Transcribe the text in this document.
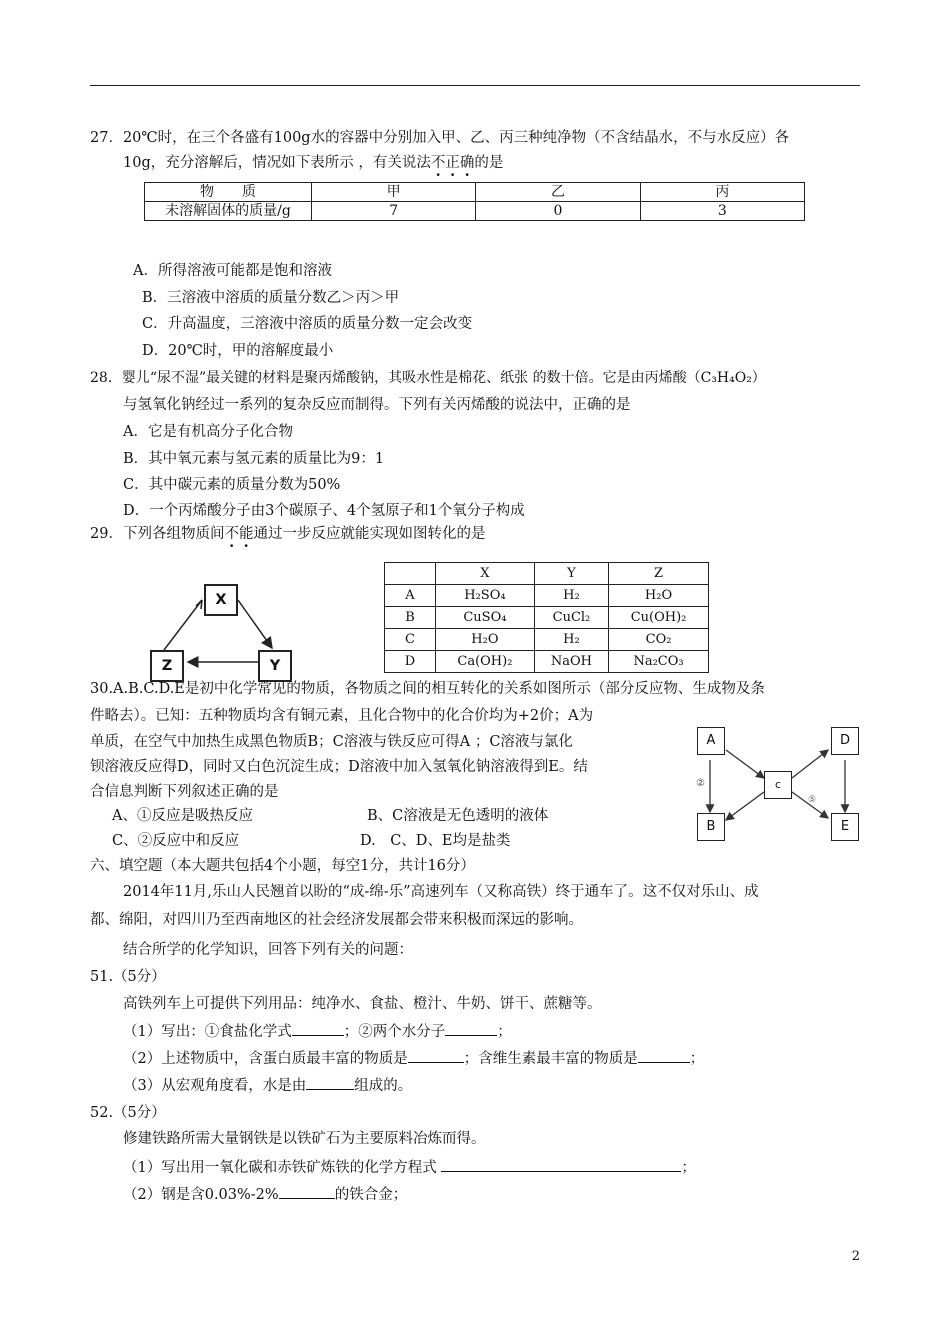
27．20℃时，在三个各盛有100g水的容器中分别加入甲、乙、丙三种纯净物（不含结晶水，不与水反应）各
10g，充分溶解后，情况如下表所示 ，有关说法不正确的是
物　　质	甲	乙	丙
未溶解固体的质量/g	7	0	3
A．所得溶液可能都是饱和溶液
B．三溶液中溶质的质量分数乙＞丙＞甲
C．升高温度，三溶液中溶质的质量分数一定会改变
D．20℃时，甲的溶解度最小
28．婴儿“尿不湿”最关键的材料是聚丙烯酸钠，其吸水性是棉花、纸张 的数十倍。它是由丙烯酸（C₃H₄O₂）
与氢氧化钠经过一系列的复杂反应而制得。下列有关丙烯酸的说法中，正确的是
A．它是有机高分子化合物
B．其中氧元素与氢元素的质量比为9：1
C．其中碳元素的质量分数为50%
D．一个丙烯酸分子由3个碳原子、4个氢原子和1个氧分子构成
29．下列各组物质间不能通过一步反应就能实现如图转化的是
X
Z	Y
	X	Y	Z
A	H₂SO₄	H₂	H₂O
B	CuSO₄	CuCl₂	Cu(OH)₂
C	H₂O	H₂	CO₂
D	Ca(OH)₂	NaOH	Na₂CO₃
30.A.B.C.D.E是初中化学常见的物质，各物质之间的相互转化的关系如图所示（部分反应物、生成物及条
件略去）。已知：五种物质均含有铜元素，且化合物中的化合价均为+2价；A为
单质，在空气中加热生成黑色物质B；C溶液与铁反应可得A ；C溶液与氯化
钡溶液反应得D，同时又白色沉淀生成；D溶液中加入氢氧化钠溶液得到E。结
合信息判断下列叙述正确的是
A、①反应是吸热反应	B、C溶液是无色透明的液体
C、②反应中和反应	D.　C、D、E均是盐类
②
⑤
A
B
c
D
E
六、填空题（本大题共包括4个小题，每空1分，共计16分）
2014年11月,乐山人民翘首以盼的“成-绵-乐”高速列车（又称高铁）终于通车了。这不仅对乐山、成
都、绵阳，对四川乃至西南地区的社会经济发展都会带来积极而深远的影响。
结合所学的化学知识，回答下列有关的问题：
51.（5分）
高铁列车上可提供下列用品：纯净水、食盐、橙汁、牛奶、饼干、蔗糖等。
（1）写出：①食盐化学式	；②两个水分子	；
（2）上述物质中，含蛋白质最丰富的物质是	；含维生素最丰富的物质是	；
（3）从宏观角度看，水是由	组成的。
52.（5分）
修建铁路所需大量钢铁是以铁矿石为主要原料冶炼而得。
（1）写出用一氧化碳和赤铁矿炼铁的化学方程式	；
（2）钢是含0.03%-2%	的铁合金；
2
